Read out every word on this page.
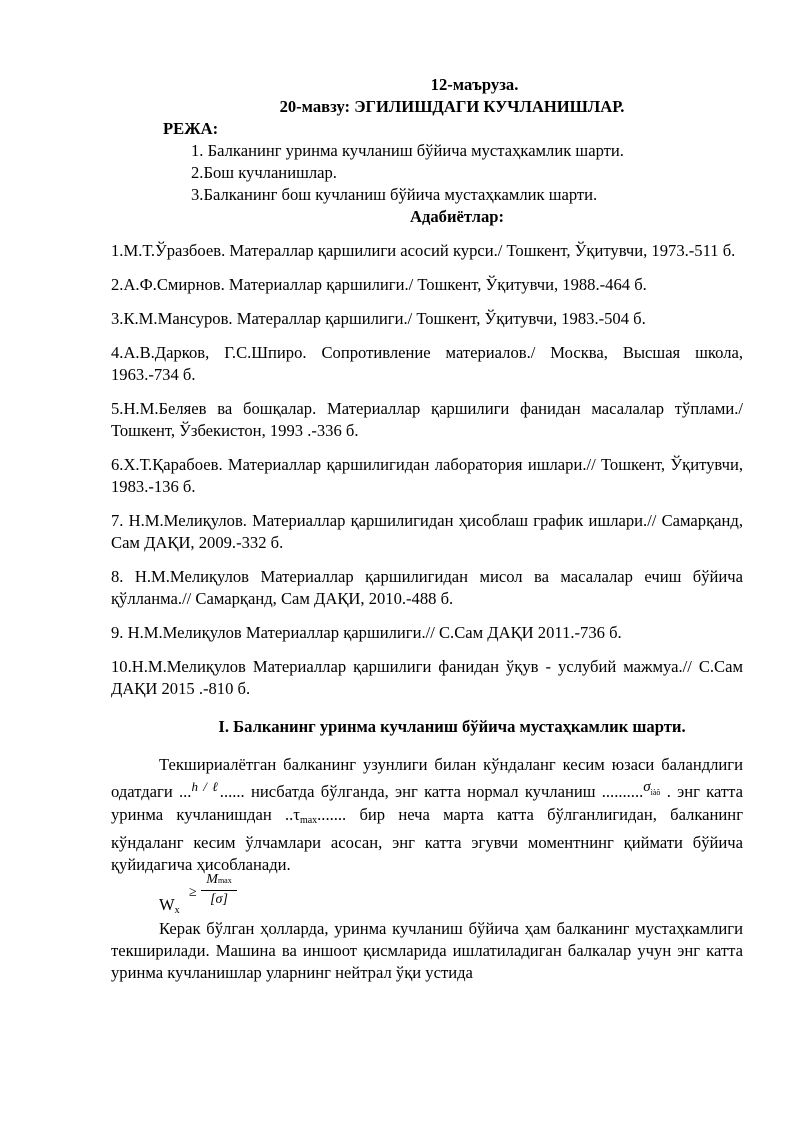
12-маъруза.

20-мавзу: ЭГИЛИШДАГИ КУЧЛАНИШЛАР.

РЕЖА:

1. Балканинг уринма кучланиш бўйича мустаҳкамлик шарти.
2.Бош кучланишлар.
3.Балканинг бош кучланиш бўйича мустаҳкамлик шарти.

Адабиётлар:

1.М.Т.Ўразбоев. Матераллар қаршилиги асосий курси./ Тошкент, Ўқитувчи, 1973.-511 б.

2.А.Ф.Смирнов. Материаллар қаршилиги./ Тошкент, Ўқитувчи, 1988.-464 б.

3.К.М.Мансуров. Матераллар қаршилиги./ Тошкент, Ўқитувчи, 1983.-504 б.

4.А.В.Дарков, Г.С.Шпиро. Сопротивление материалов./ Москва, Высшая школа, 1963.-734 б.

5.Н.М.Беляев ва бошқалар. Материаллар қаршилиги фанидан масалалар тўплами./ Тошкент, Ўзбекистон, 1993 .-336 б.

6.Х.Т.Қарабоев. Материаллар қаршилигидан лаборатория ишлари.// Тошкент, Ўқитувчи, 1983.-136 б.

7. Н.М.Мелиқулов. Материаллар қаршилигидан ҳисоблаш график ишлари.// Самарқанд, Сам ДАҚИ, 2009.-332 б.

8. Н.М.Мелиқулов Материаллар қаршилигидан мисол ва масалалар ечиш бўйича қўлланма.// Самарқанд, Сам ДАҚИ, 2010.-488 б.

9. Н.М.Мелиқулов Материаллар қаршилиги.// С.Сам ДАҚИ 2011.-736 б.

10.Н.М.Мелиқулов Материаллар қаршилиги фанидан ўқув - услубий мажмуа.// С.Сам ДАҚИ 2015 .-810 б.

I. Балканинг уринма кучланиш бўйича мустаҳкамлик шарти.

Текшириалётган балканинг узунлиги билан кўндаланг кесим юзаси баландлиги одатдаги ...$^{h / \ell}$...... нисбатда бўлганда, энг катта нормал кучланиш ..........σìàõ . энг катта уринма кучланишдан $..\tau_{max}$....... бир неча марта катта бўлганлигидан, балканинг кўндаланг кесим ўлчамлари асосан, энг катта эгувчи моментнинг қиймати бўйича қуйидагича ҳисобланади.

$W_x$
≥
Mmax
[σ]

Керак бўлган ҳолларда, уринма кучланиш бўйича ҳам балканинг мустаҳкамлиги текширилади. Машина ва иншоот қисмларида ишлатиладиган балкалар учун энг катта уринма кучланишлар уларнинг нейтрал ўқи устида
